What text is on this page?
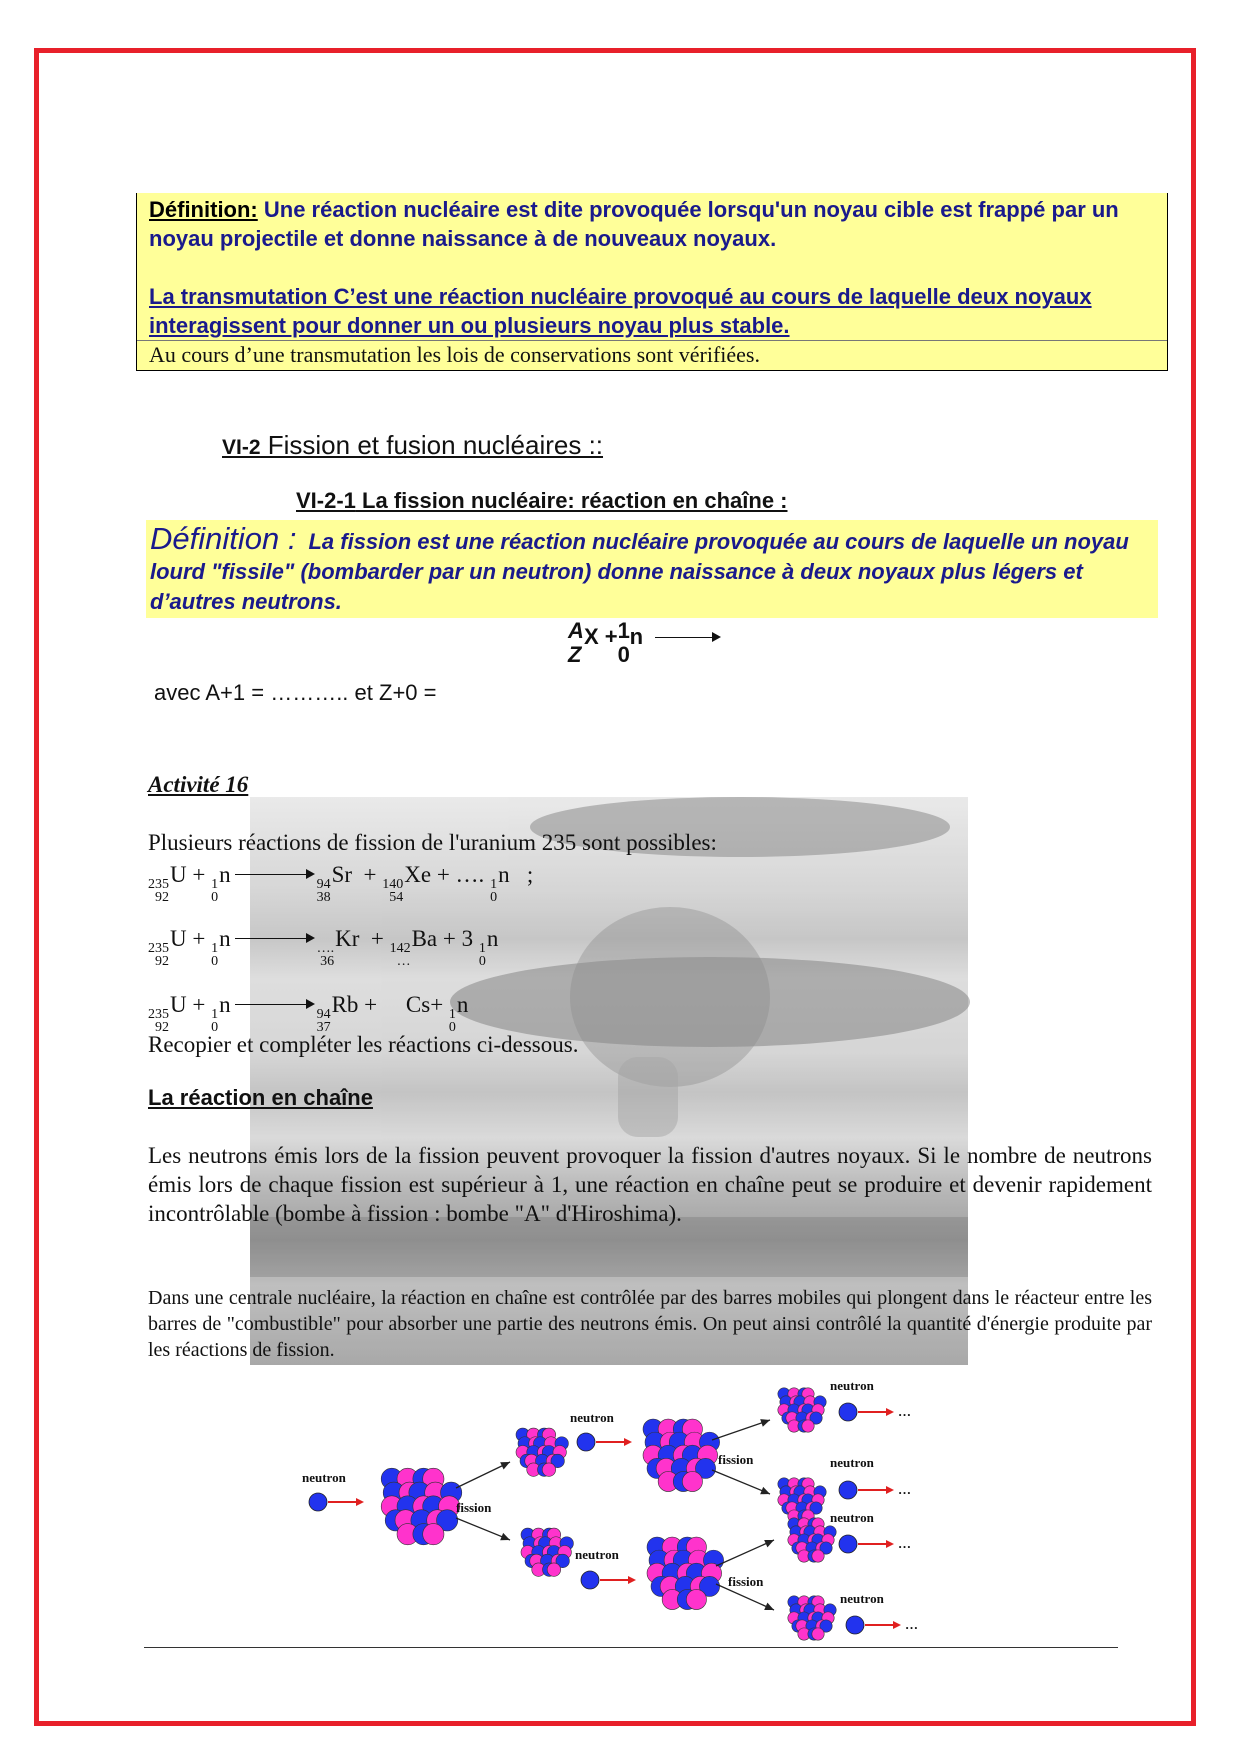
Définition: Une réaction nucléaire est dite provoquée lorsqu'un noyau cible est frappé par un noyau projectile et donne naissance à de nouveaux noyaux.
La transmutation C’est une réaction nucléaire provoqué au cours de laquelle deux noyaux interagissent pour donner un ou plusieurs noyau plus stable.
Au cours d’une transmutation les lois de conservations sont vérifiées.
VI-2 Fission et fusion nucléaires ::
VI-2-1 La fission nucléaire: réaction en chaîne :
Définition : La fission est une réaction nucléaire provoquée au cours de laquelle un noyau lourd "fissile" (bombarder par un neutron) donne naissance à deux noyaux plus légers et d’autres neutrons.
A
Z
X + 1
0
n →
avec A+1 = ……….. et Z+0 =
Activité 16
Plusieurs réactions de fission de l'uranium 235 sont possibles:
235
92
U + 1
0
n →
94
38
Sr  + 140
54
Xe + …. 1
0
n   ;
235
92
U + 1
0
n →
….
36
Kr  + 142
…
Ba + 3 1
0
n
235
92
U + 1
0
n →
94
37
Rb +     Cs+ 1
0
n
Recopier et compléter les réactions ci-dessous.
La réaction en chaîne
Les neutrons émis lors de la fission peuvent provoquer la fission d'autres noyaux. Si le nombre de neutrons émis lors de chaque fission est supérieur à 1, une réaction en chaîne peut se produire et devenir rapidement incontrôlable (bombe à fission : bombe "A" d'Hiroshima).
Dans une centrale nucléaire, la réaction en chaîne est contrôlée par des barres mobiles qui plongent dans le réacteur entre les barres de "combustible" pour absorber une partie des neutrons émis. On peut ainsi contrôlé la quantité d'énergie produite par les réactions de fission.
neutron
fission
neutron
neutron
fission
fission
neutron
…
neutron
…
neutron
…
neutron
…
